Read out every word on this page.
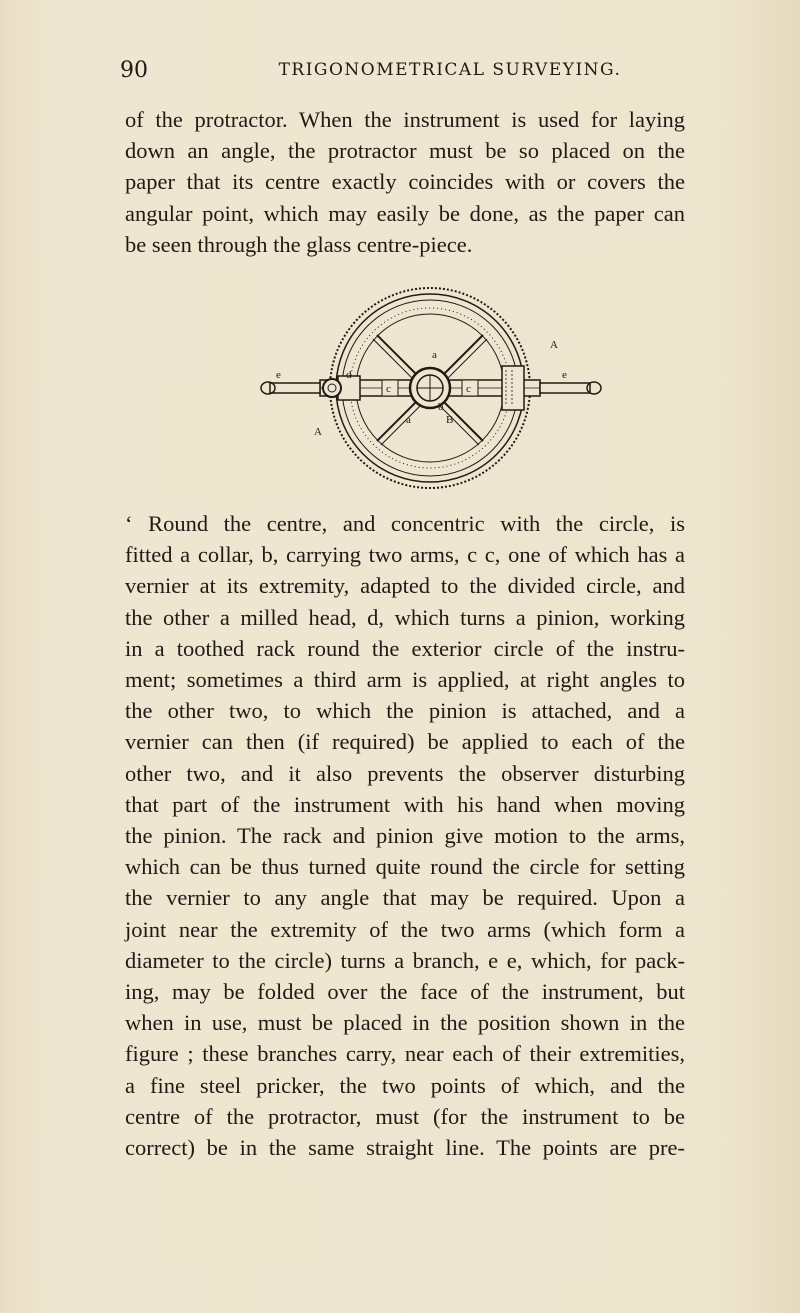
90	TRIGONOMETRICAL SURVEYING.
of the protractor. When the instrument is used for laying
down an angle, the protractor must be so placed on the
paper that its centre exactly coincides with or covers the
angular point, which may easily be done, as the paper can
be seen through the glass centre-piece.
A
A
e	e
c	c
B
a
a
d
b
‘ Round the centre, and concentric with the circle, is
fitted a collar, b, carrying two arms, c c, one of which has a
vernier at its extremity, adapted to the divided circle, and
the other a milled head, d, which turns a pinion, working
in a toothed rack round the exterior circle of the instru-
ment; sometimes a third arm is applied, at right angles to
the other two, to which the pinion is attached, and a
vernier can then (if required) be applied to each of the
other two, and it also prevents the observer disturbing
that part of the instrument with his hand when moving
the pinion. The rack and pinion give motion to the arms,
which can be thus turned quite round the circle for setting
the vernier to any angle that may be required. Upon a
joint near the extremity of the two arms (which form a
diameter to the circle) turns a branch, e e, which, for pack-
ing, may be folded over the face of the instrument, but
when in use, must be placed in the position shown in the
figure ; these branches carry, near each of their extremities,
a fine steel pricker, the two points of which, and the
centre of the protractor, must (for the instrument to be
correct) be in the same straight line. The points are pre-
